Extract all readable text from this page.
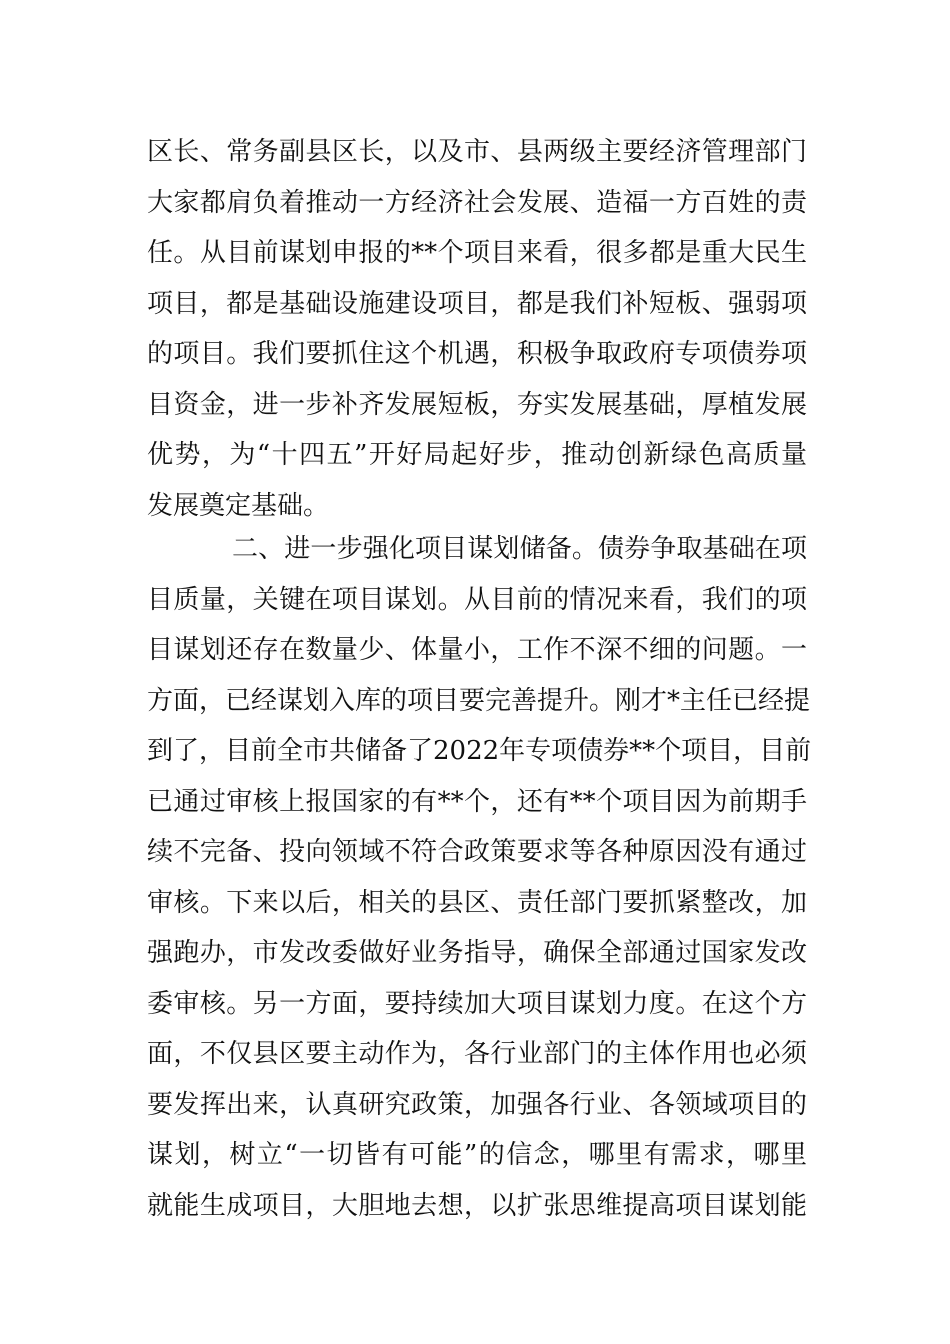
区长、常务副县区长，以及市、县两级主要经济管理部门
大家都肩负着推动一方经济社会发展、造福一方百姓的责
任。从目前谋划申报的**个项目来看，很多都是重大民生
项目，都是基础设施建设项目，都是我们补短板、强弱项
的项目。我们要抓住这个机遇，积极争取政府专项债券项
目资金，进一步补齐发展短板，夯实发展基础，厚植发展
优势，为“十四五”开好局起好步，推动创新绿色高质量
发展奠定基础。
二、进一步强化项目谋划储备。债券争取基础在项
目质量，关键在项目谋划。从目前的情况来看，我们的项
目谋划还存在数量少、体量小，工作不深不细的问题。一
方面，已经谋划入库的项目要完善提升。刚才*主任已经提
到了，目前全市共储备了2022年专项债券**个项目，目前
已通过审核上报国家的有**个，还有**个项目因为前期手
续不完备、投向领域不符合政策要求等各种原因没有通过
审核。下来以后，相关的县区、责任部门要抓紧整改，加
强跑办，市发改委做好业务指导，确保全部通过国家发改
委审核。另一方面，要持续加大项目谋划力度。在这个方
面，不仅县区要主动作为，各行业部门的主体作用也必须
要发挥出来，认真研究政策，加强各行业、各领域项目的
谋划，树立“一切皆有可能”的信念，哪里有需求，哪里
就能生成项目，大胆地去想，以扩张思维提高项目谋划能
